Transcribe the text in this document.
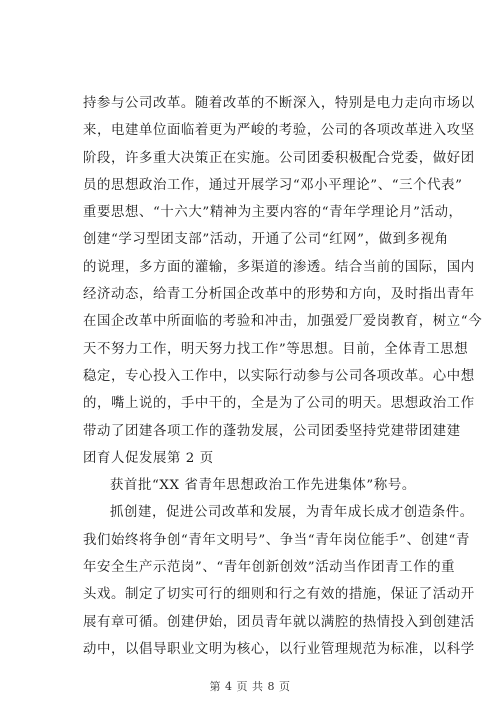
持参与公司改革。随着改革的不断深入，特别是电力走向市场以
来，电建单位面临着更为严峻的考验，公司的各项改革进入攻坚
阶段，许多重大决策正在实施。公司团委积极配合党委，做好团
员的思想政治工作，通过开展学习“邓小平理论”、“三个代表”
重要思想、“十六大”精神为主要内容的“青年学理论月”活动，
创建“学习型团支部”活动，开通了公司“红网”，做到多视角
的说理，多方面的灌输，多渠道的渗透。结合当前的国际，国内
经济动态，给青工分析国企改革中的形势和方向，及时指出青年
在国企改革中所面临的考验和冲击，加强爱厂爱岗教育，树立“今
天不努力工作，明天努力找工作”等思想。目前，全体青工思想
稳定，专心投入工作中，以实际行动参与公司各项改革。心中想
的，嘴上说的，手中干的，全是为了公司的明天。思想政治工作
带动了团建各项工作的蓬勃发展，公司团委坚持党建带团建建
团育人促发展第 2 页
获首批“XX 省青年思想政治工作先进集体”称号。
抓创建，促进公司改革和发展，为青年成长成才创造条件。
我们始终将争创“青年文明号”、争当“青年岗位能手”、创建“青
年安全生产示范岗”、“青年创新创效”活动当作团青工作的重
头戏。制定了切实可行的细则和行之有效的措施，保证了活动开
展有章可循。创建伊始，团员青年就以满腔的热情投入到创建活
动中，以倡导职业文明为核心，以行业管理规范为标准，以科学
第 4 页 共 8 页
